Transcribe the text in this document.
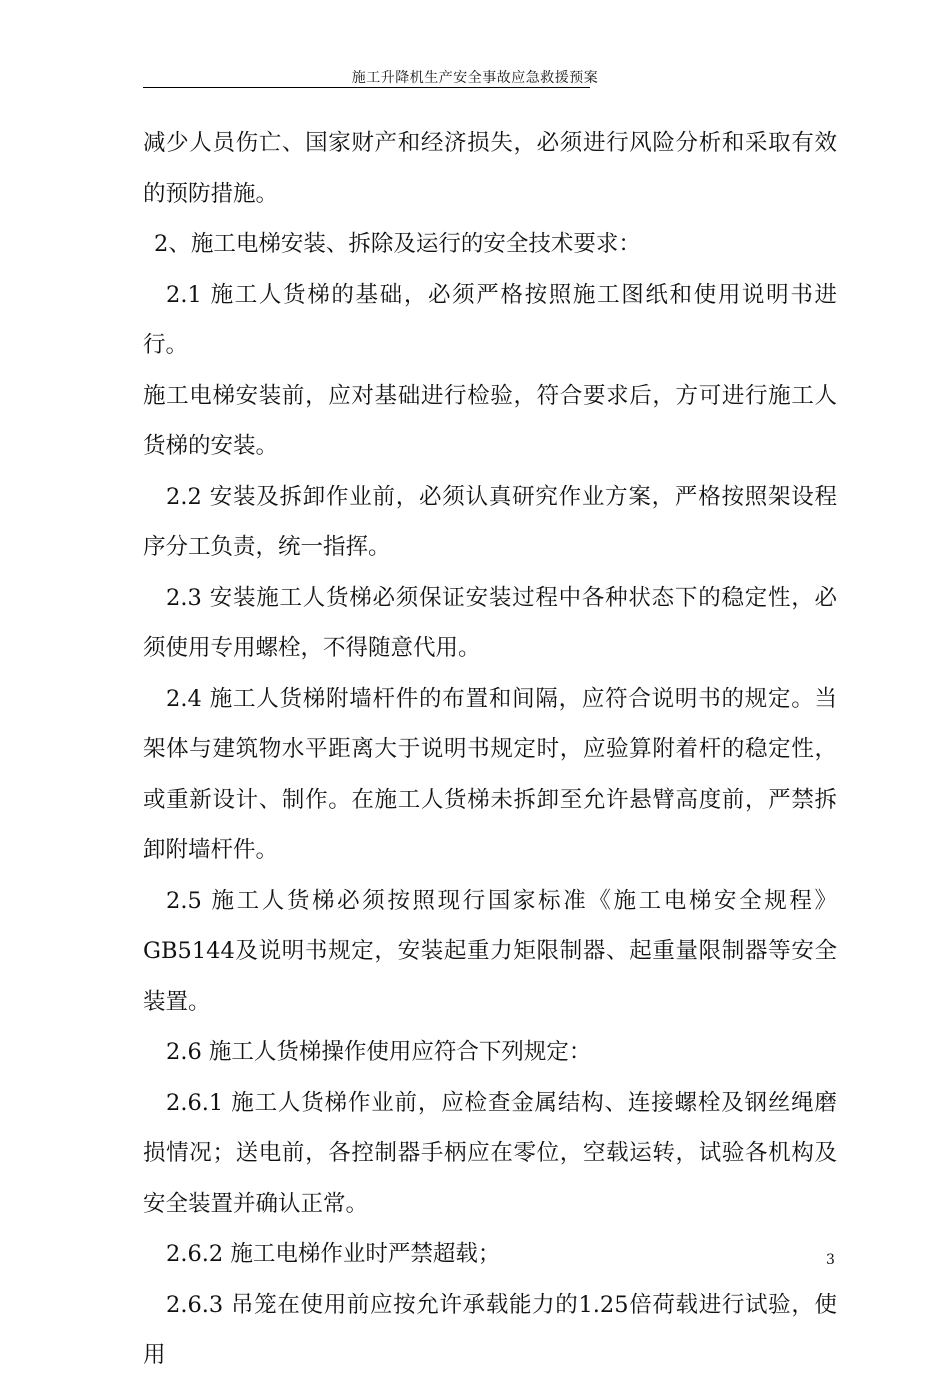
施工升降机生产安全事故应急救援预案

减少人员伤亡、国家财产和经济损失，必须进行风险分析和采取有效的预防措施。

2、施工电梯安装、拆除及运行的安全技术要求：

2.1 施工人货梯的基础，必须严格按照施工图纸和使用说明书进行。

施工电梯安装前，应对基础进行检验，符合要求后，方可进行施工人货梯的安装。

2.2 安装及拆卸作业前，必须认真研究作业方案，严格按照架设程序分工负责，统一指挥。

2.3 安装施工人货梯必须保证安装过程中各种状态下的稳定性，必须使用专用螺栓，不得随意代用。

2.4 施工人货梯附墙杆件的布置和间隔，应符合说明书的规定。当架体与建筑物水平距离大于说明书规定时，应验算附着杆的稳定性，或重新设计、制作。在施工人货梯未拆卸至允许悬臂高度前，严禁拆卸附墙杆件。

2.5 施工人货梯必须按照现行国家标准《施工电梯安全规程》GB5144及说明书规定，安装起重力矩限制器、起重量限制器等安全装置。

2.6 施工人货梯操作使用应符合下列规定：

2.6.1 施工人货梯作业前，应检查金属结构、连接螺栓及钢丝绳磨损情况；送电前，各控制器手柄应在零位，空载运转，试验各机构及安全装置并确认正常。

2.6.2 施工电梯作业时严禁超载；

2.6.3 吊笼在使用前应按允许承载能力的1.25倍荷载进行试验，使用

3
